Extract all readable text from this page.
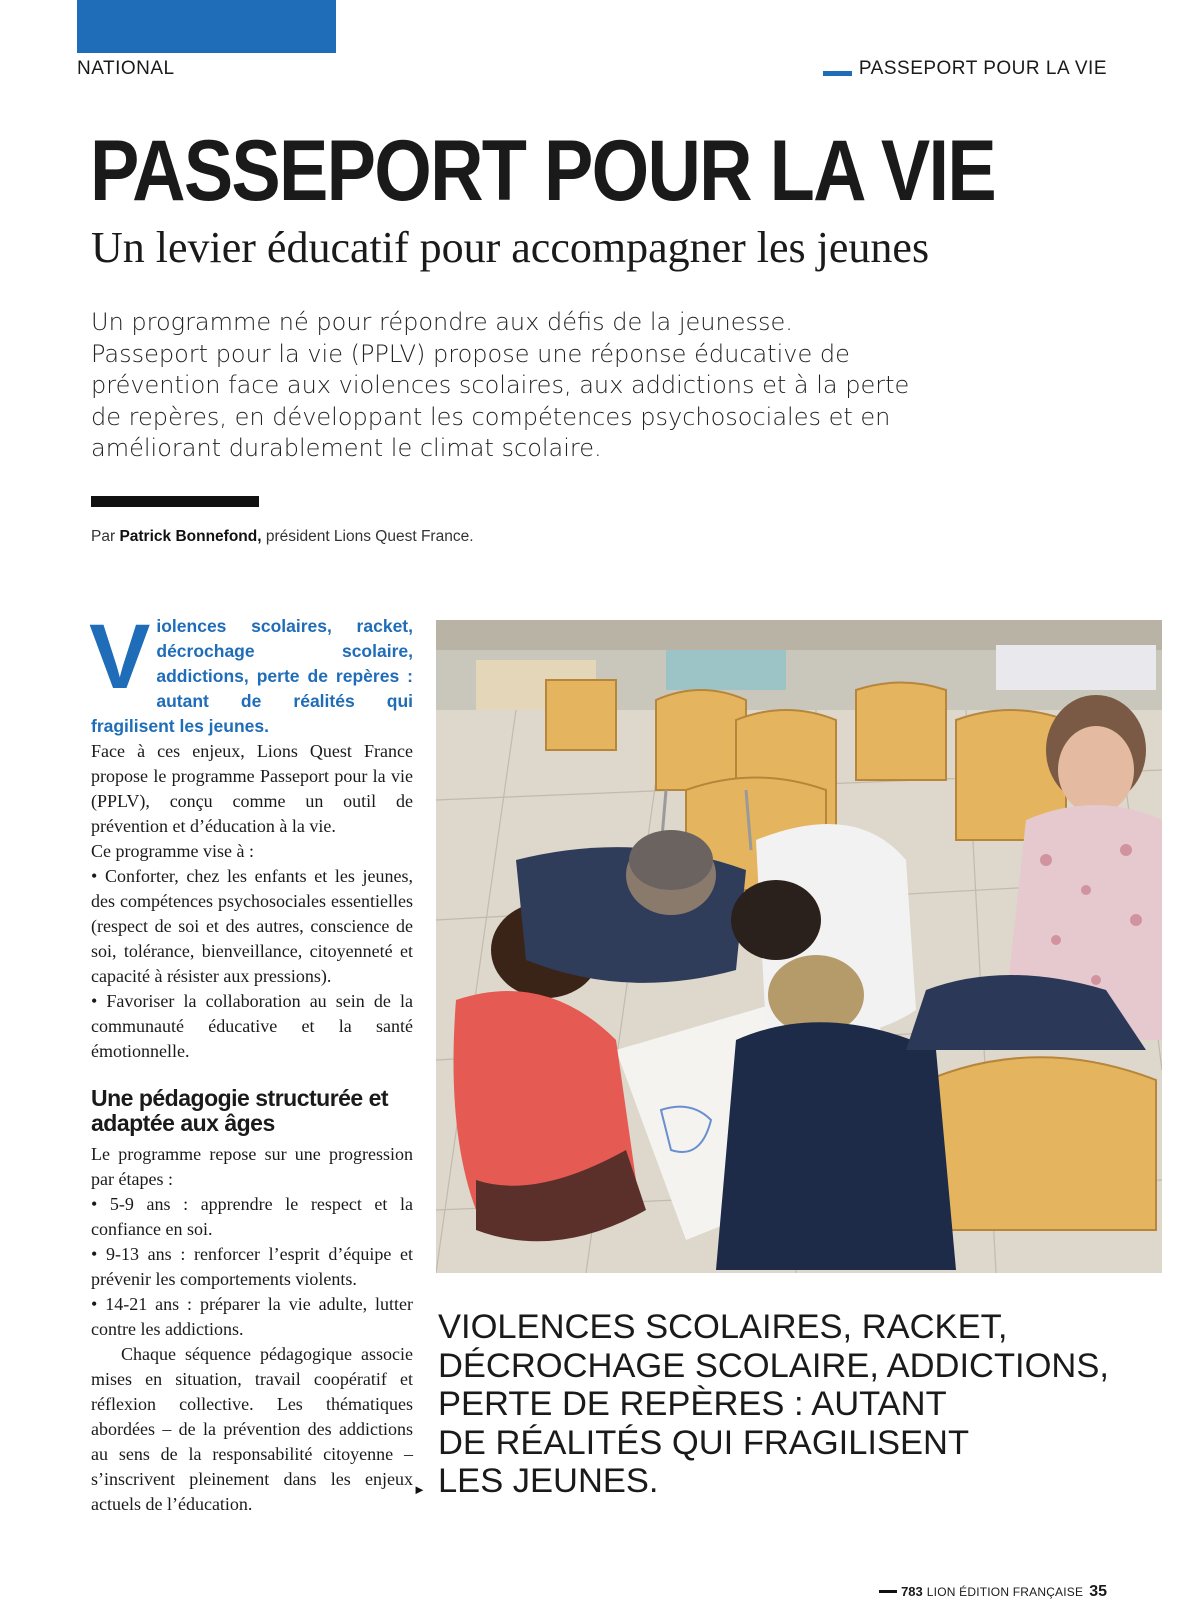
NATIONAL	PASSEPORT POUR LA VIE
PASSEPORT POUR LA VIE
Un levier éducatif pour accompagner les jeunes

Un programme né pour répondre aux défis de la jeunesse. Passeport pour la vie (PPLV) propose une réponse éducative de prévention face aux violences scolaires, aux addictions et à la perte de repères, en développant les compétences psychosociales et en améliorant durablement le climat scolaire.

Par Patrick Bonnefond, président Lions Quest France.
V iolences scolaires, racket, décrochage scolaire, addictions, perte de repères : autant de réalités qui fragilisent les jeunes.

Face à ces enjeux, Lions Quest France propose le programme Passeport pour la vie (PPLV), conçu comme un outil de prévention et d’éducation à la vie.

Ce programme vise à :

• Conforter, chez les enfants et les jeunes, des compétences psychosociales essentielles (respect de soi et des autres, conscience de soi, tolérance, bienveillance, citoyenneté et capacité à résister aux pressions).

• Favoriser la collaboration au sein de la communauté éducative et la santé émotionnelle.

Une pédagogie structurée et adaptée aux âges

Le programme repose sur une progression par étapes :

• 5-9 ans : apprendre le respect et la confiance en soi.

• 9-13 ans : renforcer l’esprit d’équipe et prévenir les comportements violents.

• 14-21 ans : préparer la vie adulte, lutter contre les addictions.

Chaque séquence pédagogique associe mises en situation, travail coopératif et réflexion collective. Les thématiques abordées – de la prévention des addictions au sens de la responsabilité citoyenne – s’inscrivent pleinement dans les enjeux actuels de l’éducation.

►
VIOLENCES SCOLAIRES, RACKET,
DÉCROCHAGE SCOLAIRE, ADDICTIONS,
PERTE DE REPÈRES : AUTANT
DE RÉALITÉS QUI FRAGILISENT
LES JEUNES.
783 LION ÉDITION FRANÇAISE 35
